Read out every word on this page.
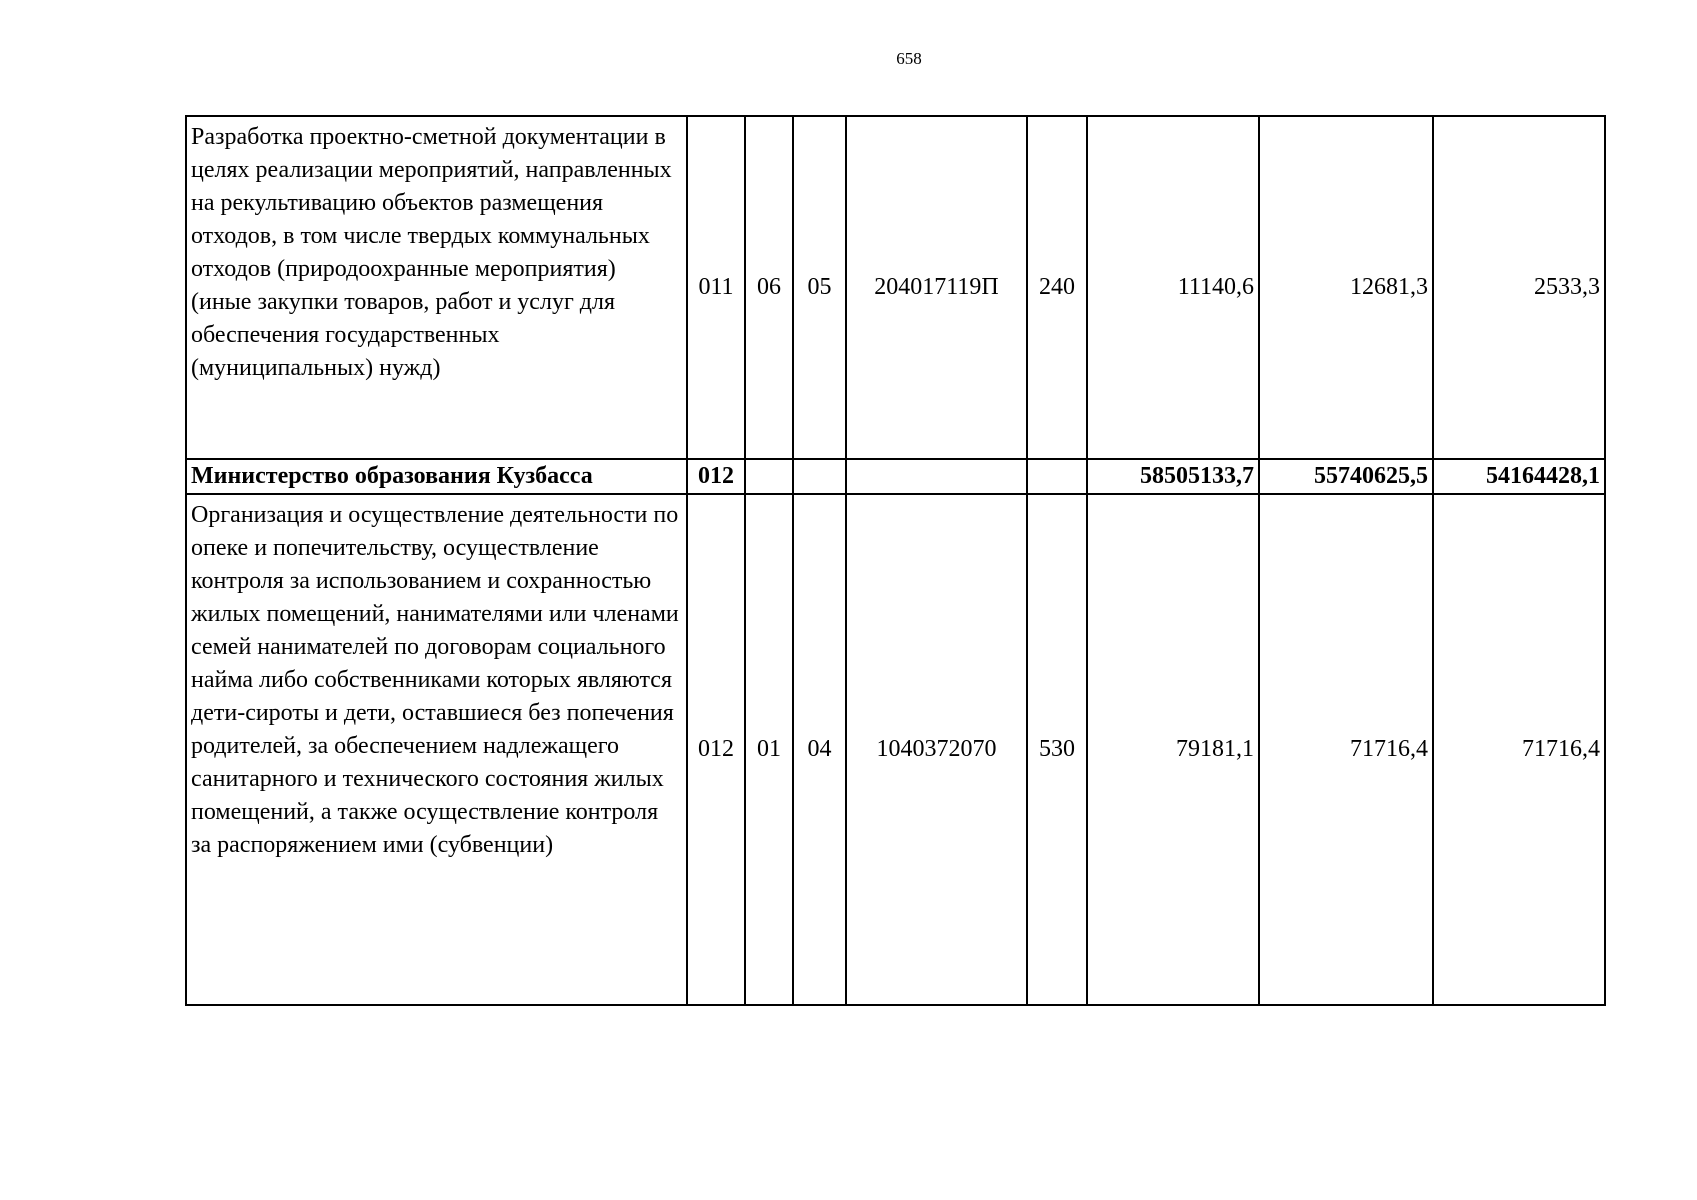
658
Разработка проектно-сметной документации в целях реализации мероприятий, направленных на рекультивацию объектов размещения отходов, в том числе твердых коммунальных отходов (природоохранные мероприятия) (иные закупки товаров, работ и услуг для обеспечения государственных (муниципальных) нужд)	011	06	05	204017119П	240	11140,6	12681,3	2533,3
Министерство образования Кузбасса	012					58505133,7	55740625,5	54164428,1
Организация и осуществление деятельности по опеке и попечительству, осуществление контроля за использованием и сохранностью жилых помещений, нанимателями или членами семей нанимателей по договорам социального найма либо собственниками которых являются дети-сироты и дети, оставшиеся без попечения родителей, за обеспечением надлежащего санитарного и технического состояния жилых помещений, а также осуществление контроля за распоряжением ими (субвенции)	012	01	04	1040372070	530	79181,1	71716,4	71716,4
